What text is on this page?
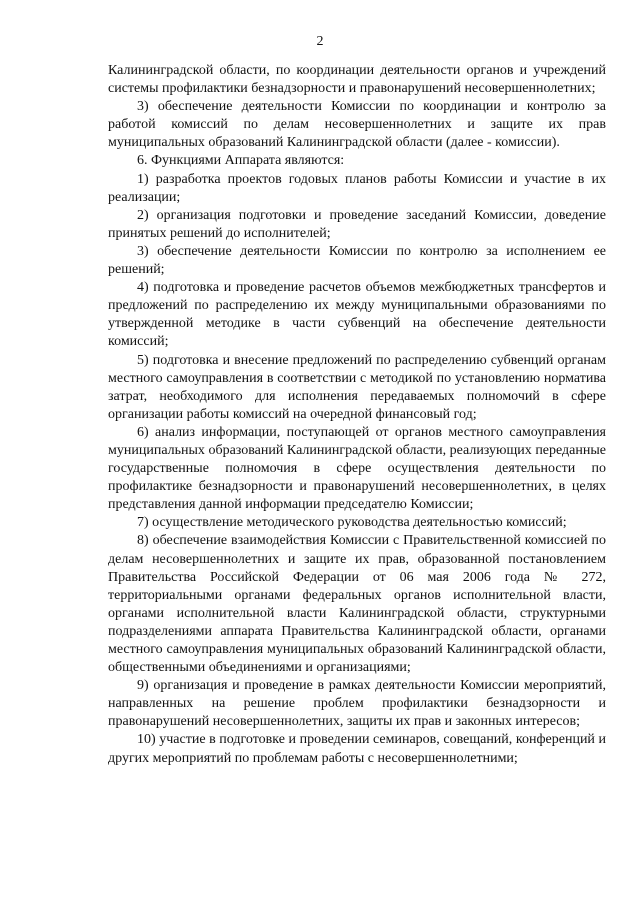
2

Калининградской области, по координации деятельности органов и учреждений системы профилактики безнадзорности и правонарушений несовершеннолетних;

3) обеспечение деятельности Комиссии по координации и контролю за работой комиссий по делам несовершеннолетних и защите их прав муниципальных образований Калининградской области (далее - комиссии).

6. Функциями Аппарата являются:

1) разработка проектов годовых планов работы Комиссии и участие в их реализации;

2) организация подготовки и проведение заседаний Комиссии, доведение принятых решений до исполнителей;

3) обеспечение деятельности Комиссии по контролю за исполнением ее решений;

4) подготовка и проведение расчетов объемов межбюджетных трансфертов и предложений по распределению их между муниципальными образованиями по утвержденной методике в части субвенций на обеспечение деятельности комиссий;

5) подготовка и внесение предложений по распределению субвенций органам местного самоуправления в соответствии с методикой по установлению норматива затрат, необходимого для исполнения передаваемых полномочий в сфере организации работы комиссий на очередной финансовый год;

6) анализ информации, поступающей от органов местного самоуправления муниципальных образований Калининградской области, реализующих переданные государственные полномочия в сфере осуществления деятельности по профилактике безнадзорности и правонарушений несовершеннолетних, в целях представления данной информации председателю Комиссии;

7) осуществление методического руководства деятельностью комиссий;

8) обеспечение взаимодействия Комиссии с Правительственной комиссией по делам несовершеннолетних и защите их прав, образованной постановлением Правительства Российской Федерации от 06 мая 2006 года № 272, территориальными органами федеральных органов исполнительной власти, органами исполнительной власти Калининградской области, структурными подразделениями аппарата Правительства Калининградской области, органами местного самоуправления муниципальных образований Калининградской области, общественными объединениями и организациями;

9) организация и проведение в рамках деятельности Комиссии мероприятий, направленных на решение проблем профилактики безнадзорности и правонарушений несовершеннолетних, защиты их прав и законных интересов;

10) участие в подготовке и проведении семинаров, совещаний, конференций и других мероприятий по проблемам работы с несовершеннолетними;
